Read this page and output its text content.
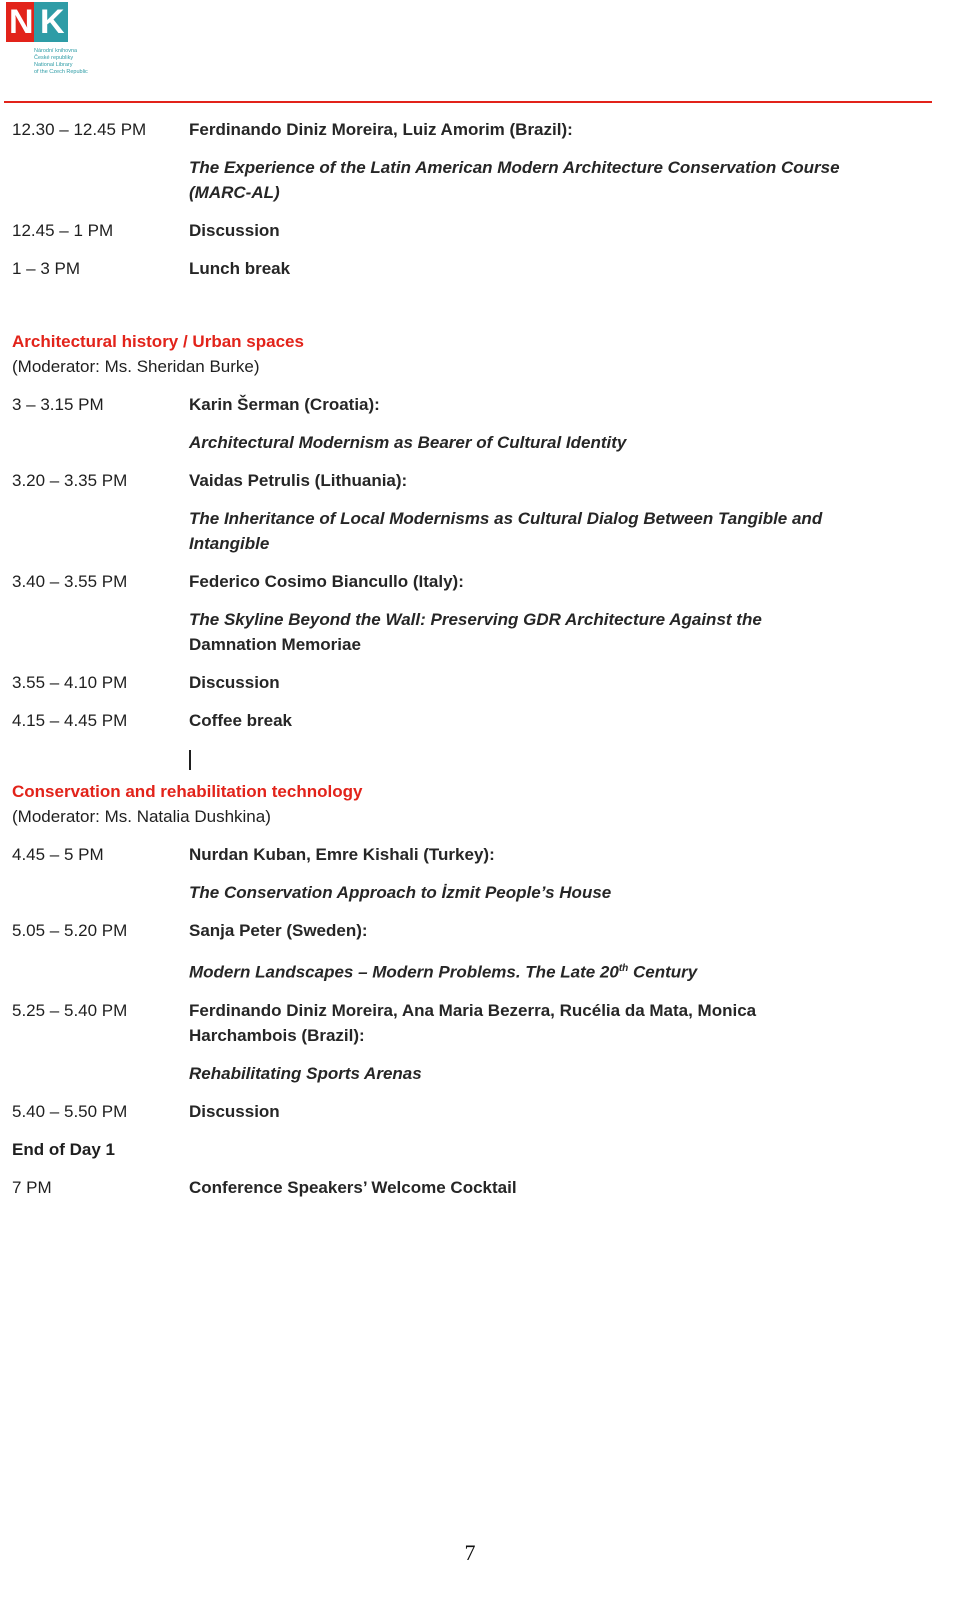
N K
Národní knihovna
České republiky
National Library
of the Czech Republic
12.30 – 12.45 PM	Ferdinando Diniz Moreira, Luiz Amorim (Brazil):
The Experience of the Latin American Modern Architecture Conservation Course
(MARC-AL)
12.45 – 1 PM	Discussion
1 – 3 PM	Lunch break
Architectural history / Urban spaces
(Moderator: Ms. Sheridan Burke)
3 – 3.15 PM	Karin Šerman (Croatia):
Architectural Modernism as Bearer of Cultural Identity
3.20 – 3.35 PM	Vaidas Petrulis (Lithuania):
The Inheritance of Local Modernisms as Cultural Dialog Between Tangible and
Intangible
3.40 – 3.55 PM	Federico Cosimo Biancullo (Italy):
The Skyline Beyond the Wall: Preserving GDR Architecture Against the
Damnation Memoriae
3.55 – 4.10 PM	Discussion
4.15 – 4.45 PM	Coffee break
Conservation and rehabilitation technology
(Moderator: Ms. Natalia Dushkina)
4.45 – 5 PM	Nurdan Kuban, Emre Kishali (Turkey):
The Conservation Approach to İzmit People’s House
5.05 – 5.20 PM	Sanja Peter (Sweden):
Modern Landscapes – Modern Problems. The Late 20th Century
5.25 – 5.40 PM	Ferdinando Diniz Moreira, Ana Maria Bezerra, Rucélia da Mata, Monica
Harchambois (Brazil):
Rehabilitating Sports Arenas
5.40 – 5.50 PM	Discussion
End of Day 1
7 PM	Conference Speakers’ Welcome Cocktail
7
